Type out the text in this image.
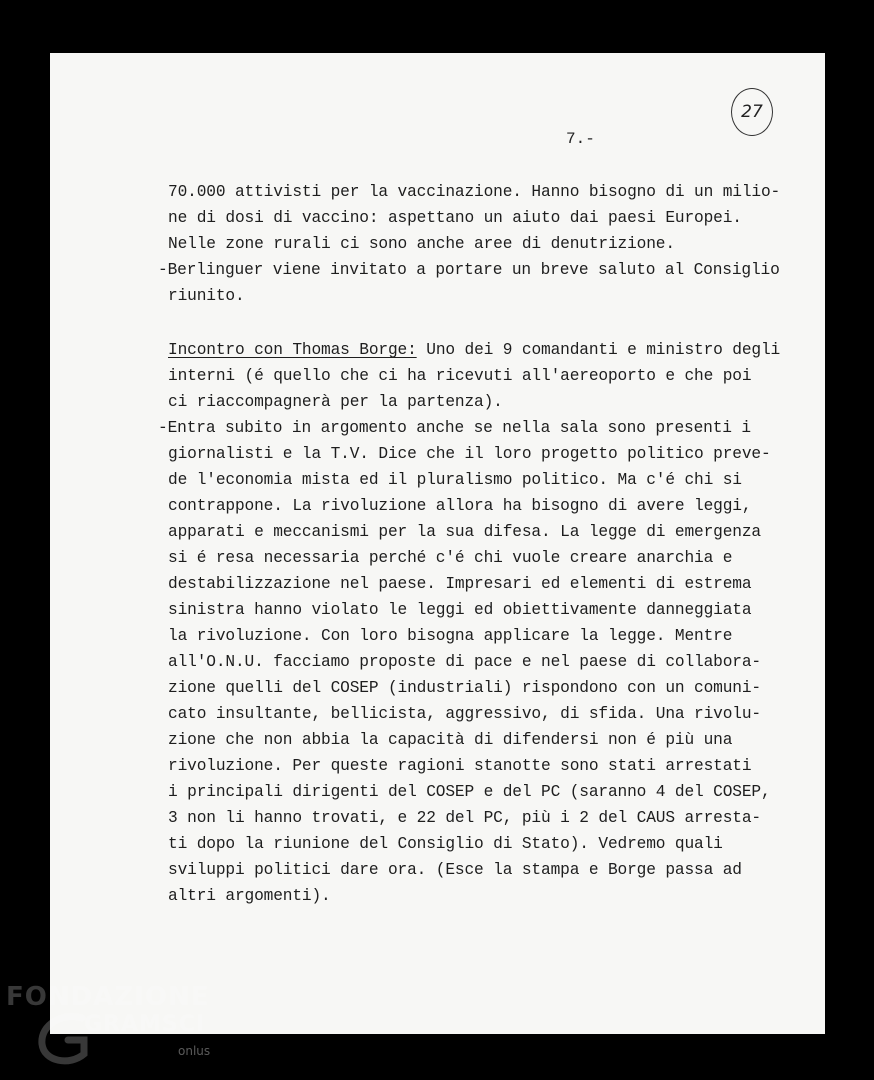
27
7.-
70.000 attivisti per la vaccinazione. Hanno bisogno di un milio-
ne di dosi di vaccino: aspettano un aiuto dai paesi Europei.
Nelle zone rurali ci sono anche aree di denutrizione.
-Berlinguer viene invitato a portare un breve saluto al Consiglio
riunito.
Incontro con Thomas Borge: Uno dei 9 comandanti e ministro degli
interni (é quello che ci ha ricevuti all'aereoporto e che poi
ci riaccompagnerà per la partenza).
-Entra subito in argomento anche se nella sala sono presenti i
giornalisti e la T.V. Dice che il loro progetto politico preve-
de l'economia mista ed il pluralismo politico. Ma c'é chi si
contrappone. La rivoluzione allora ha bisogno di avere leggi,
apparati e meccanismi per la sua difesa. La legge di emergenza
si é resa necessaria perché c'é chi vuole creare anarchia e
destabilizzazione nel paese. Impresari ed elementi di estrema
sinistra hanno violato le leggi ed obiettivamente danneggiata
la rivoluzione. Con loro bisogna applicare la legge. Mentre
all'O.N.U. facciamo proposte di pace e nel paese di collabora-
zione quelli del COSEP (industriali) rispondono con un comuni-
cato insultante, bellicista, aggressivo, di sfida. Una rivolu-
zione che non abbia la capacità di difendersi non é più una
rivoluzione. Per queste ragioni stanotte sono stati arrestati
i principali dirigenti del COSEP e del PC (saranno 4 del COSEP,
3 non li hanno trovati, e 22 del PC, più i 2 del CAUS arresta-
ti dopo la riunione del Consiglio di Stato). Vedremo quali
sviluppi politici dare ora. (Esce la stampa e Borge passa ad
altri argomenti).
FONDAZIONE
GRAMSCI
onlus
